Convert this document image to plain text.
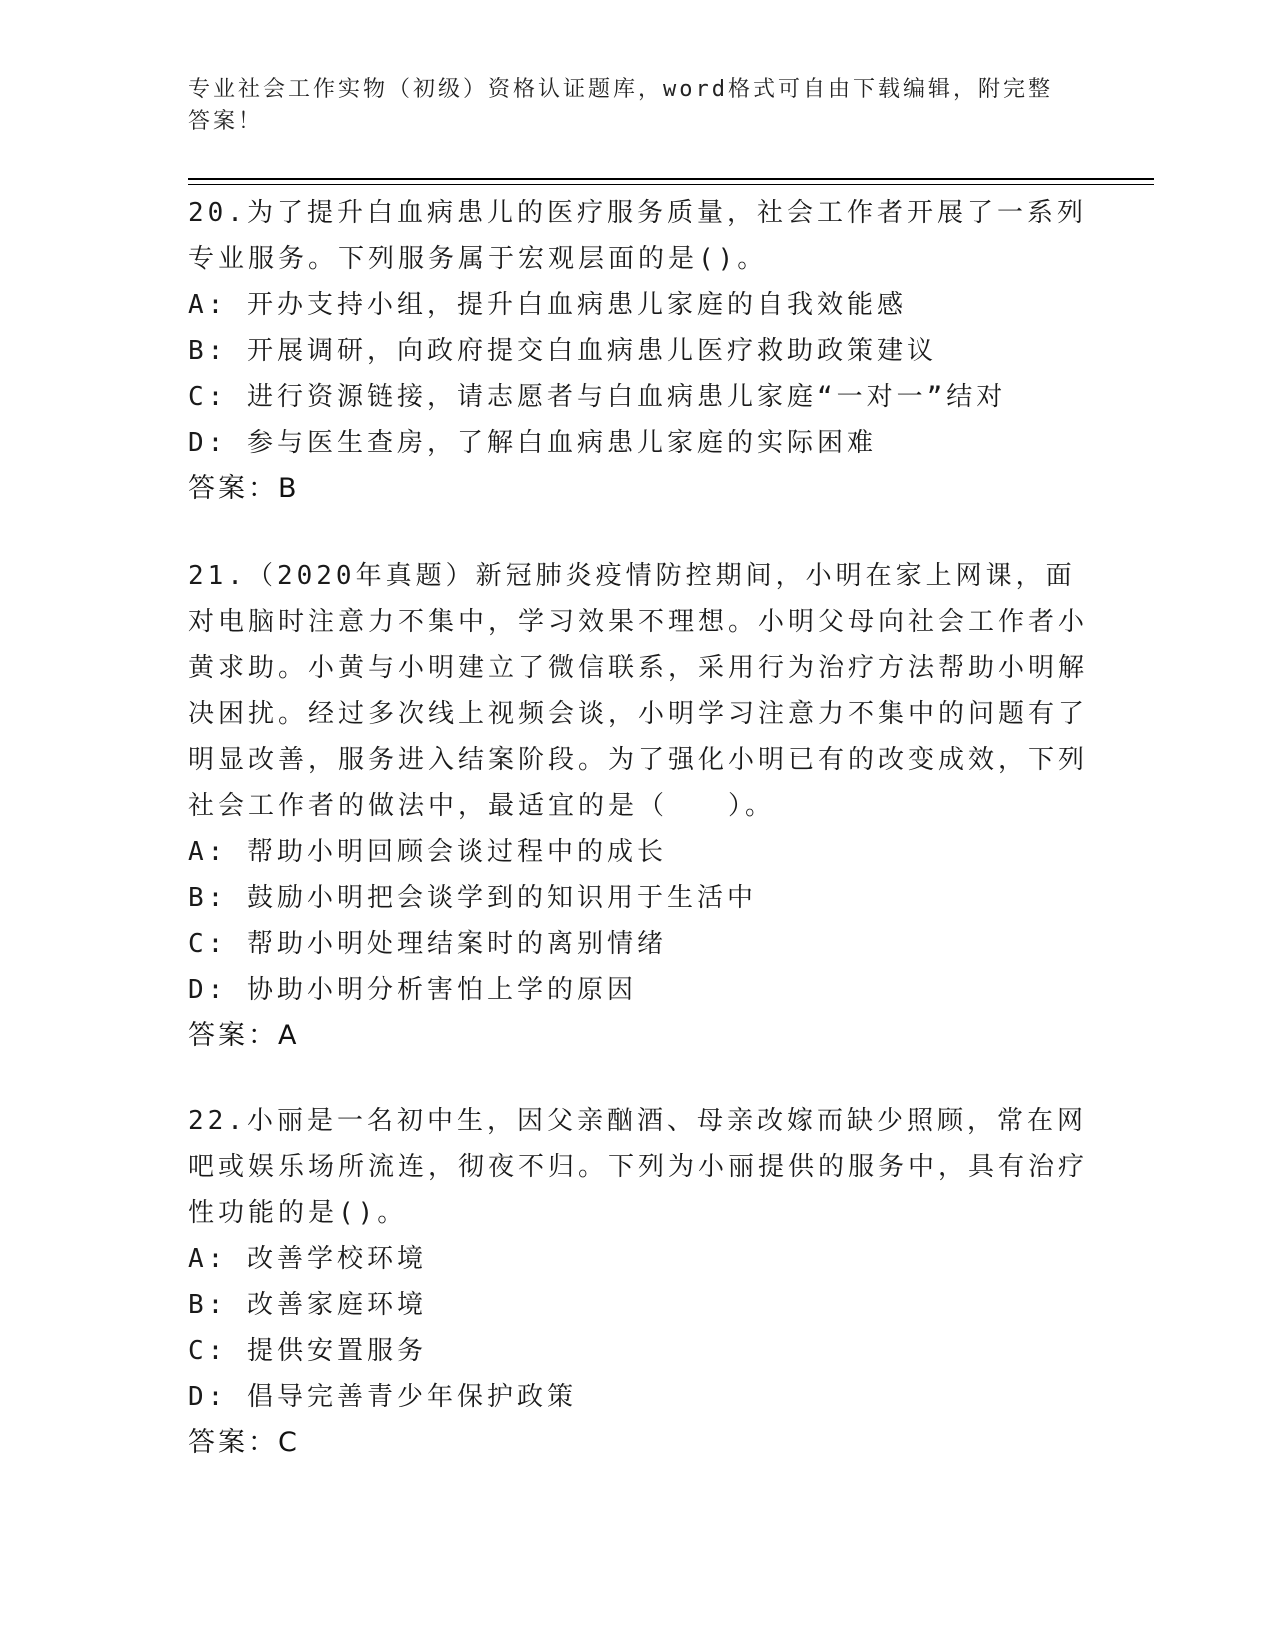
专业社会工作实物（初级）资格认证题库，word格式可自由下载编辑，附完整答案！

20.为了提升白血病患儿的医疗服务质量，社会工作者开展了一系列专业服务。下列服务属于宏观层面的是()。

A: 开办支持小组，提升白血病患儿家庭的自我效能感

B: 开展调研，向政府提交白血病患儿医疗救助政策建议

C: 进行资源链接，请志愿者与白血病患儿家庭“一对一”结对

D: 参与医生查房，了解白血病患儿家庭的实际困难

答案：B

21.（2020年真题）新冠肺炎疫情防控期间，小明在家上网课，面对电脑时注意力不集中，学习效果不理想。小明父母向社会工作者小黄求助。小黄与小明建立了微信联系，采用行为治疗方法帮助小明解决困扰。经过多次线上视频会谈，小明学习注意力不集中的问题有了明显改善，服务进入结案阶段。为了强化小明已有的改变成效，下列社会工作者的做法中，最适宜的是（　　）。

A: 帮助小明回顾会谈过程中的成长

B: 鼓励小明把会谈学到的知识用于生活中

C: 帮助小明处理结案时的离别情绪

D: 协助小明分析害怕上学的原因

答案：A

22.小丽是一名初中生，因父亲酗酒、母亲改嫁而缺少照顾，常在网吧或娱乐场所流连，彻夜不归。下列为小丽提供的服务中，具有治疗性功能的是()。

A: 改善学校环境

B: 改善家庭环境

C: 提供安置服务

D: 倡导完善青少年保护政策

答案：C
